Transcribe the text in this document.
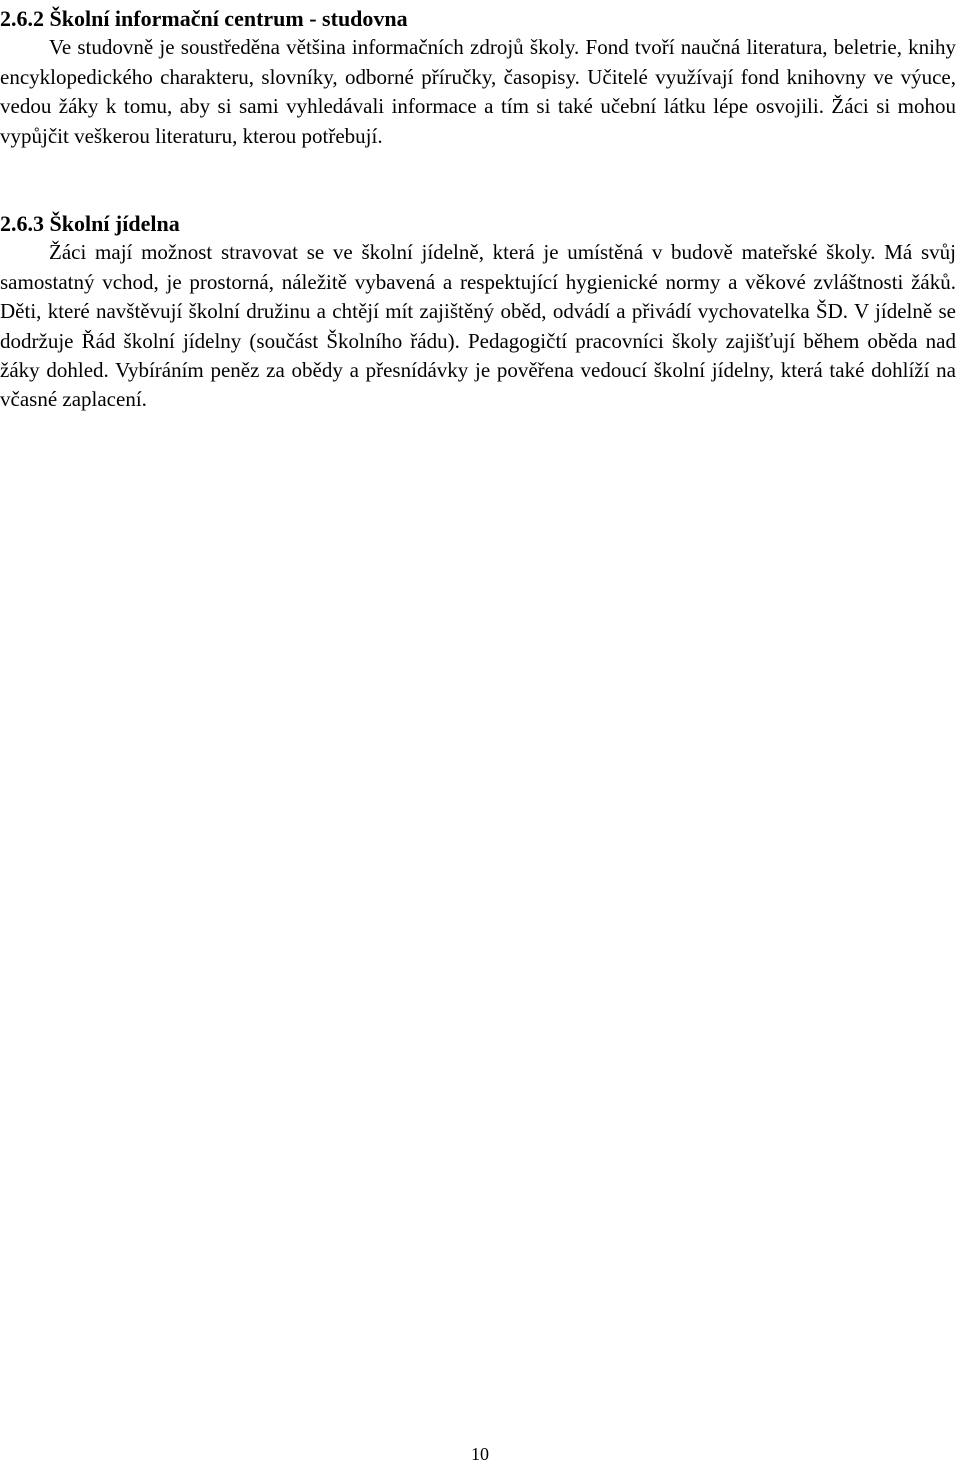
2.6.2 Školní informační centrum - studovna

Ve studovně je soustředěna většina informačních zdrojů školy. Fond tvoří naučná literatura, beletrie, knihy encyklopedického charakteru, slovníky, odborné příručky, časopisy. Učitelé využívají fond knihovny ve výuce, vedou žáky k tomu, aby si sami vyhledávali informace a tím si také učební látku lépe osvojili. Žáci si mohou vypůjčit veškerou literaturu, kterou potřebují.

2.6.3 Školní jídelna

Žáci mají možnost stravovat se ve školní jídelně, která je umístěná v budově mateřské školy. Má svůj samostatný vchod, je prostorná, náležitě vybavená a respektující hygienické normy a věkové zvláštnosti žáků. Děti, které navštěvují školní družinu a chtějí mít zajištěný oběd, odvádí a přivádí vychovatelka ŠD. V jídelně se dodržuje Řád školní jídelny (součást Školního řádu). Pedagogičtí pracovníci školy zajišťují během oběda nad žáky dohled. Vybíráním peněz za obědy a přesnídávky je pověřena vedoucí školní jídelny, která také dohlíží na včasné zaplacení.

10
